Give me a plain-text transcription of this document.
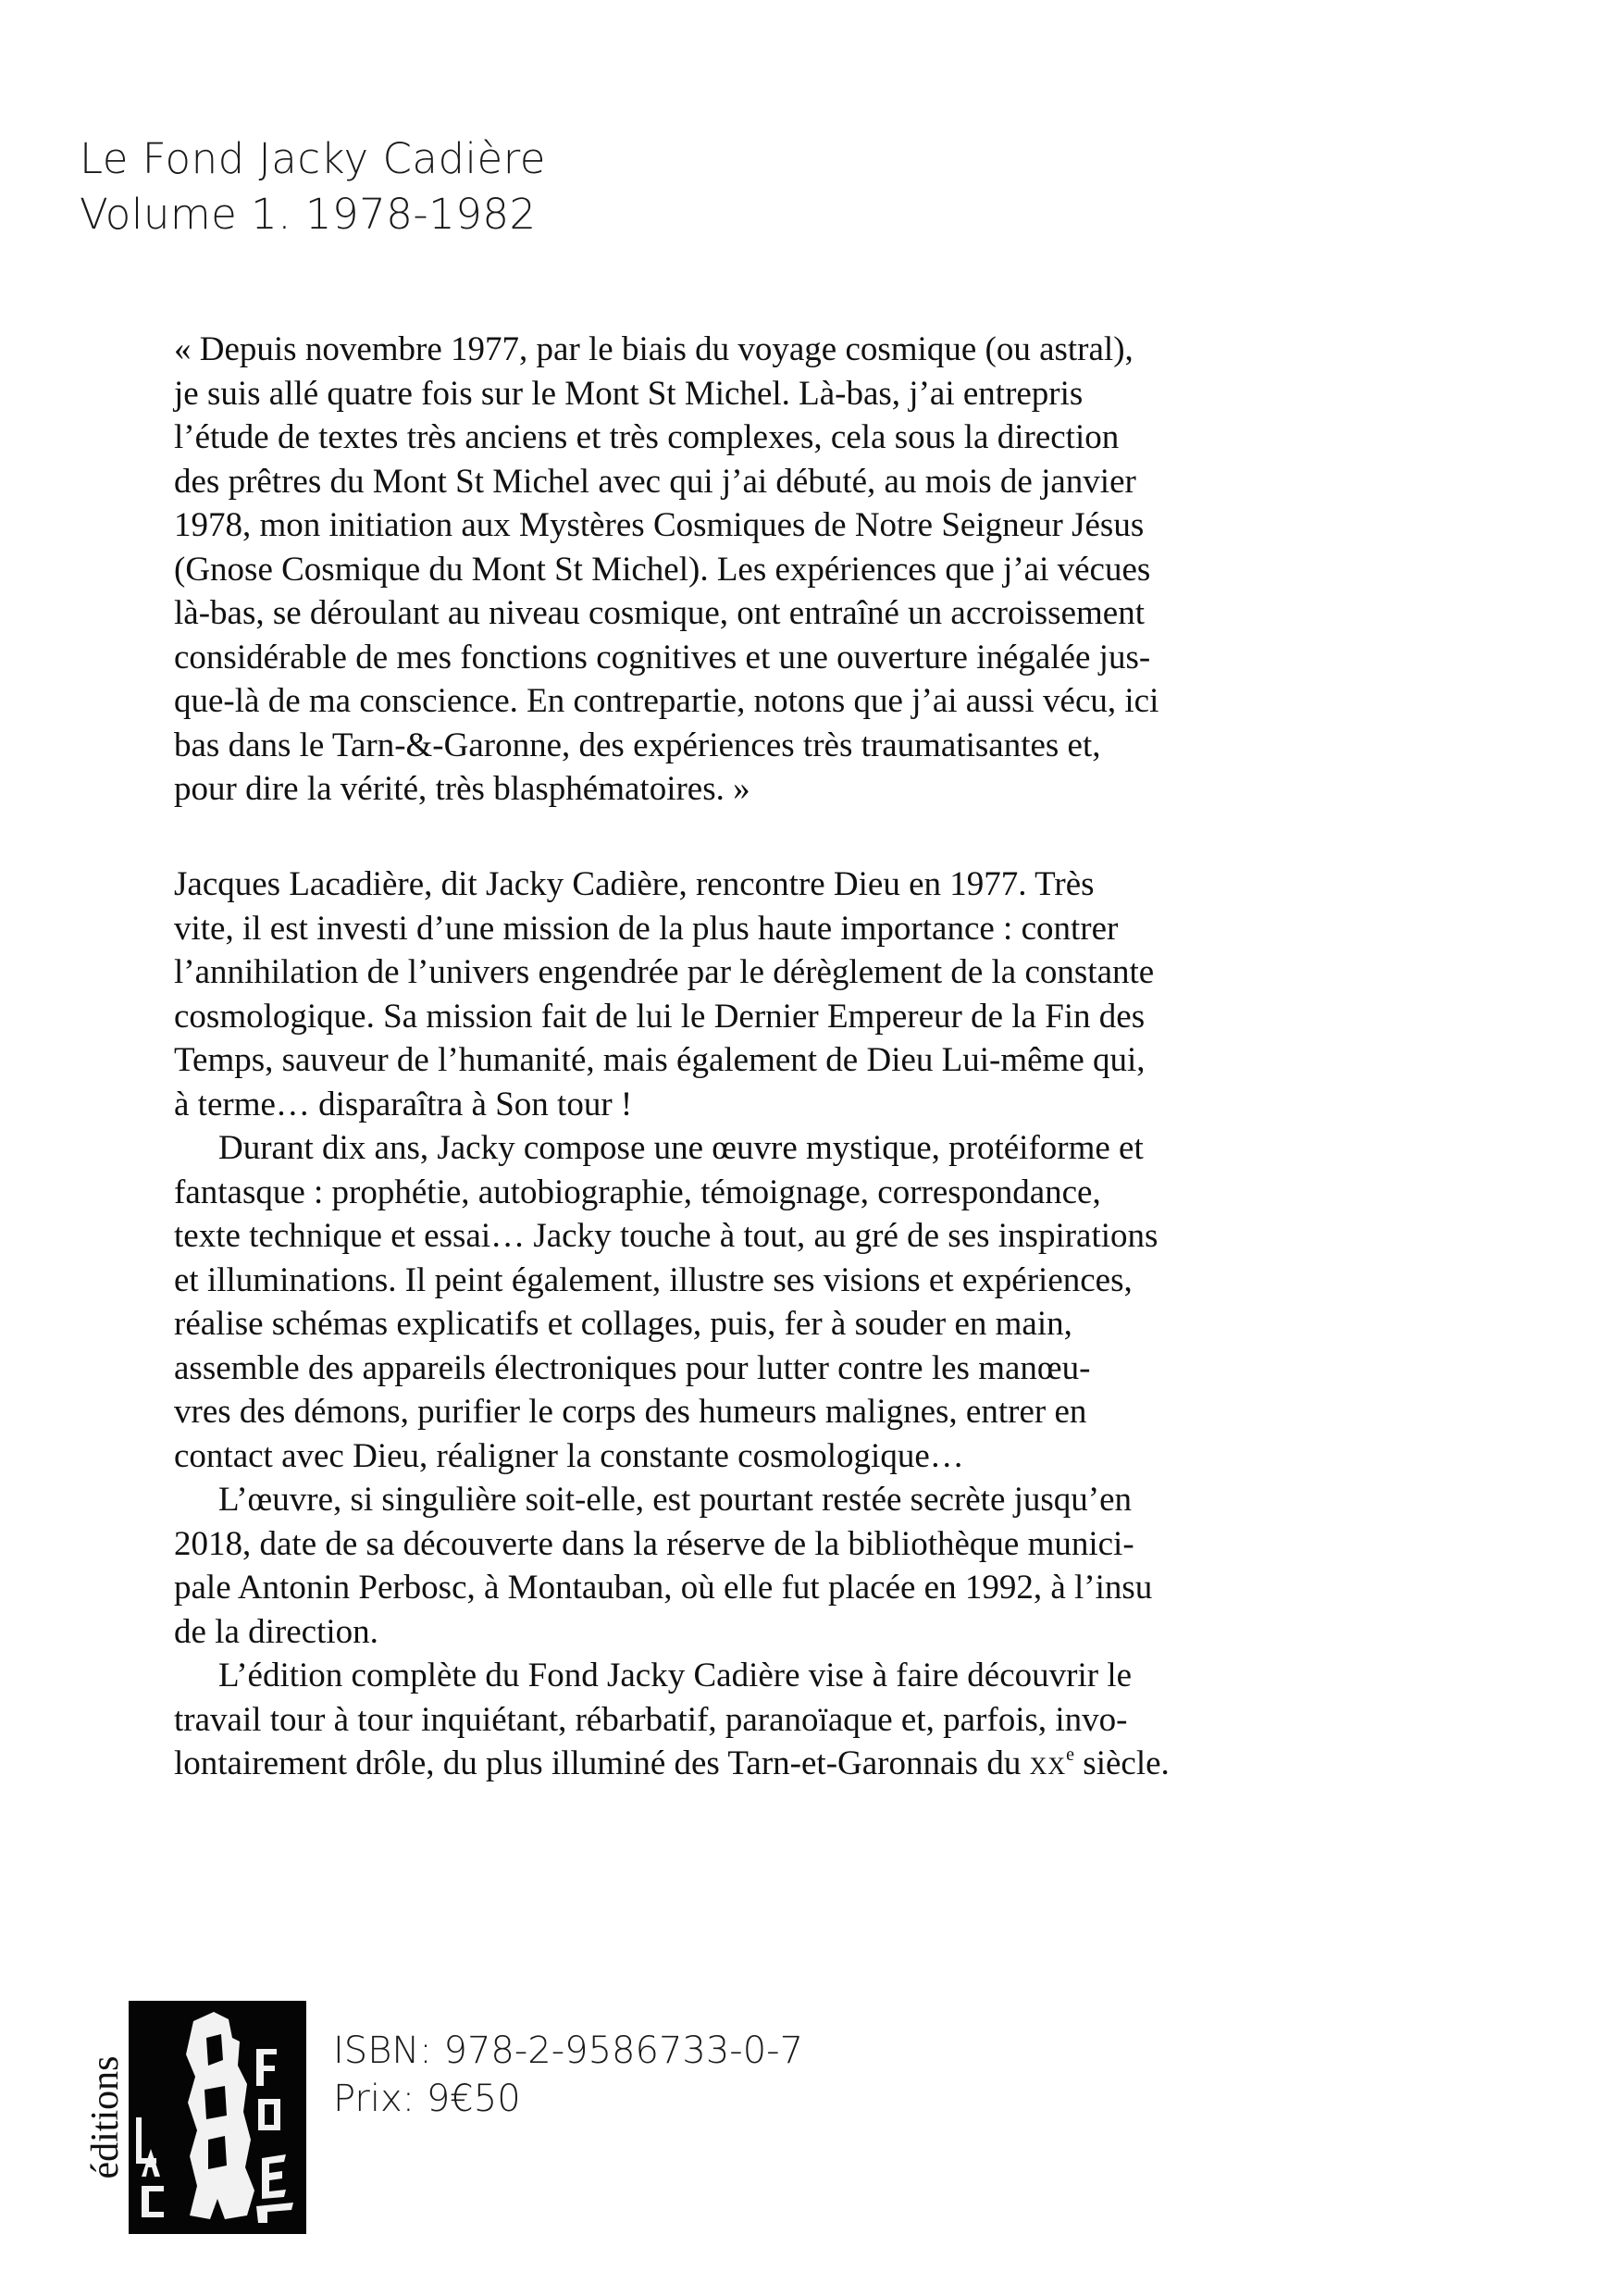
Le Fond Jacky Cadière
Volume 1. 1978-1982
« Depuis novembre 1977, par le biais du voyage cosmique (ou astral),
je suis allé quatre fois sur le Mont St Michel. Là-bas, j’ai entrepris
l’étude de textes très anciens et très complexes, cela sous la direction
des prêtres du Mont St Michel avec qui j’ai débuté, au mois de janvier
1978, mon initiation aux Mystères Cosmiques de Notre Seigneur Jésus
(Gnose Cosmique du Mont St Michel). Les expériences que j’ai vécues
là-bas, se déroulant au niveau cosmique, ont entraîné un accroissement
considérable de mes fonctions cognitives et une ouverture inégalée jus-
que-là de ma conscience. En contrepartie, notons que j’ai aussi vécu, ici
bas dans le Tarn-&-Garonne, des expériences très traumatisantes et,
pour dire la vérité, très blasphématoires. »
Jacques Lacadière, dit Jacky Cadière, rencontre Dieu en 1977. Très
vite, il est investi d’une mission de la plus haute importance : contrer
l’annihilation de l’univers engendrée par le dérèglement de la constante
cosmologique. Sa mission fait de lui le Dernier Empereur de la Fin des
Temps, sauveur de l’humanité, mais également de Dieu Lui-même qui,
à terme… disparaîtra à Son tour !
Durant dix ans, Jacky compose une œuvre mystique, protéiforme et
fantasque : prophétie, autobiographie, témoignage, correspondance,
texte technique et essai… Jacky touche à tout, au gré de ses inspirations
et illuminations. Il peint également, illustre ses visions et expériences,
réalise schémas explicatifs et collages, puis, fer à souder en main,
assemble des appareils électroniques pour lutter contre les manœu-
vres des démons, purifier le corps des humeurs malignes, entrer en
contact avec Dieu, réaligner la constante cosmologique…
L’œuvre, si singulière soit-elle, est pourtant restée secrète jusqu’en
2018, date de sa découverte dans la réserve de la bibliothèque munici-
pale Antonin Perbosc, à Montauban, où elle fut placée en 1992, à l’insu
de la direction.
L’édition complète du Fond Jacky Cadière vise à faire découvrir le
travail tour à tour inquiétant, rébarbatif, paranoïaque et, parfois, invo-
lontairement drôle, du plus illuminé des Tarn-et-Garonnais du XXe siècle.
éditions
ISBN: 978-2-9586733-0-7
Prix: 9€50
